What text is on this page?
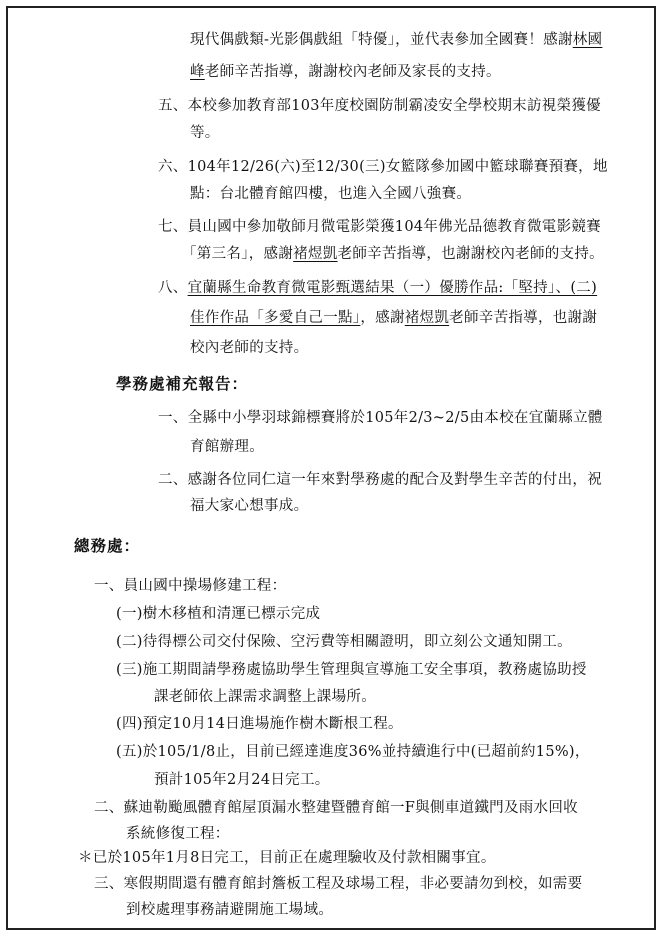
現代偶戲類-光影偶戲組「特優」，並代表參加全國賽！感謝林國
峰老師辛苦指導，謝謝校內老師及家長的支持。
五、本校參加教育部103年度校園防制霸凌安全學校期末訪視榮獲優
等。
六、104年12/26(六)至12/30(三)女籃隊參加國中籃球聯賽預賽，地
點：台北體育館四樓，也進入全國八強賽。
七、員山國中參加敬師月微電影榮獲104年佛光品德教育微電影競賽
「第三名」，感謝褚煜凱老師辛苦指導，也謝謝校內老師的支持。
八、宜蘭縣生命教育微電影甄選結果（一）優勝作品:「堅持」、(二)
佳作作品「多愛自己一點」，感謝褚煜凱老師辛苦指導，也謝謝
校內老師的支持。
學務處補充報告：
一、全縣中小學羽球錦標賽將於105年2/3~2/5由本校在宜蘭縣立體
育館辦理。
二、感謝各位同仁這一年來對學務處的配合及對學生辛苦的付出，祝
福大家心想事成。
總務處：
一、員山國中操場修建工程：
(一)樹木移植和清運已標示完成
(二)待得標公司交付保險、空污費等相關證明，即立刻公文通知開工。
(三)施工期間請學務處協助學生管理與宣導施工安全事項，教務處協助授
課老師依上課需求調整上課場所。
(四)預定10月14日進場施作樹木斷根工程。
(五)於105/1/8止，目前已經達進度36%並持續進行中(已超前約15%)，
預計105年2月24日完工。
二、蘇迪勒颱風體育館屋頂漏水整建暨體育館一F與側車道鐵門及雨水回收
系統修復工程：
＊已於105年1月8日完工，目前正在處理驗收及付款相關事宜。
三、寒假期間還有體育館封簷板工程及球場工程，非必要請勿到校，如需要
到校處理事務請避開施工場域。
